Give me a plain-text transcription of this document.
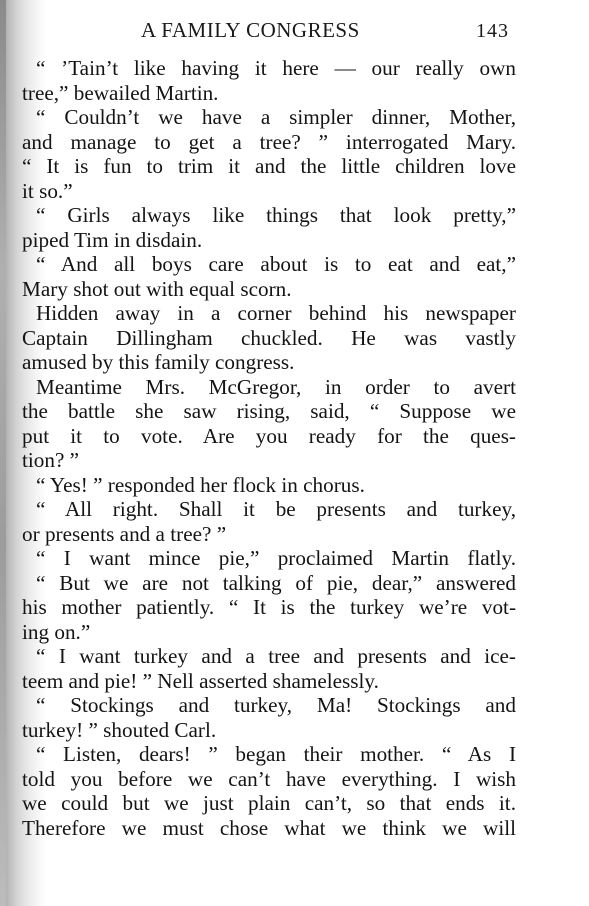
A FAMILY CONGRESS	143
“ ’Tain’t like having it here — our really own
tree,” bewailed Martin.
“ Couldn’t we have a simpler dinner, Mother,
and manage to get a tree? ” interrogated Mary.
“ It is fun to trim it and the little children love
it so.”
“ Girls always like things that look pretty,”
piped Tim in disdain.
“ And all boys care about is to eat and eat,”
Mary shot out with equal scorn.
Hidden away in a corner behind his newspaper
Captain Dillingham chuckled. He was vastly
amused by this family congress.
Meantime Mrs. McGregor, in order to avert
the battle she saw rising, said, “ Suppose we
put it to vote. Are you ready for the ques-
tion? ”
“ Yes! ” responded her flock in chorus.
“ All right. Shall it be presents and turkey,
or presents and a tree? ”
“ I want mince pie,” proclaimed Martin flatly.
“ But we are not talking of pie, dear,” answered
his mother patiently. “ It is the turkey we’re vot-
ing on.”
“ I want turkey and a tree and presents and ice-
teem and pie! ” Nell asserted shamelessly.
“ Stockings and turkey, Ma! Stockings and
turkey! ” shouted Carl.
“ Listen, dears! ” began their mother. “ As I
told you before we can’t have everything. I wish
we could but we just plain can’t, so that ends it.
Therefore we must chose what we think we will
